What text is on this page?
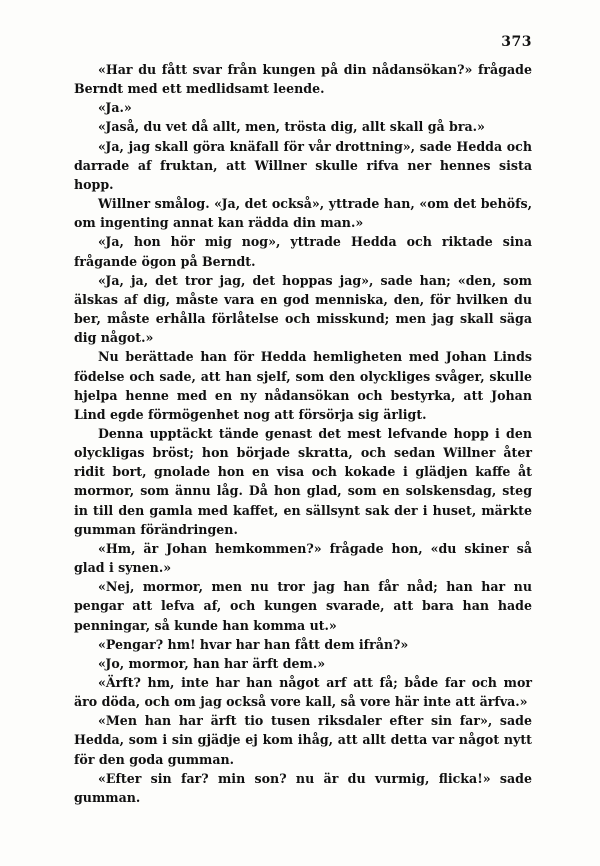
373

«Har du fått svar från kungen på din nådansökan?» frågade Berndt med ett medlidsamt leende.

«Ja.»

«Jaså, du vet då allt, men, trösta dig, allt skall gå bra.»

«Ja, jag skall göra knäfall för vår drottning», sade Hedda och darrade af fruktan, att Willner skulle rifva ner hennes sista hopp.

Willner smålog. «Ja, det också», yttrade han, «om det behöfs, om ingenting annat kan rädda din man.»

«Ja, hon hör mig nog», yttrade Hedda och riktade sina frågande ögon på Berndt.

«Ja, ja, det tror jag, det hoppas jag», sade han; «den, som älskas af dig, måste vara en god menniska, den, för hvilken du ber, måste erhålla förlåtelse och misskund; men jag skall säga dig något.»

Nu berättade han för Hedda hemligheten med Johan Linds födelse och sade, att han sjelf, som den olyckliges svåger, skulle hjelpa henne med en ny nådansökan och bestyrka, att Johan Lind egde förmögenhet nog att försörja sig ärligt.

Denna upptäckt tände genast det mest lefvande hopp i den olyckligas bröst; hon började skratta, och sedan Willner åter ridit bort, gnolade hon en visa och kokade i glädjen kaffe åt mormor, som ännu låg. Då hon glad, som en solskensdag, steg in till den gamla med kaffet, en sällsynt sak der i huset, märkte gumman förändringen.

«Hm, är Johan hemkommen?» frågade hon, «du skiner så glad i synen.»

«Nej, mormor, men nu tror jag han får nåd; han har nu pengar att lefva af, och kungen svarade, att bara han hade penningar, så kunde han komma ut.»

«Pengar? hm! hvar har han fått dem ifrån?»

«Jo, mormor, han har ärft dem.»

«Ärft? hm, inte har han något arf att få; både far och mor äro döda, och om jag också vore kall, så vore här inte att ärfva.»

«Men han har ärft tio tusen riksdaler efter sin far», sade Hedda, som i sin gjädje ej kom ihåg, att allt detta var något nytt för den goda gumman.

«Efter sin far? min son? nu är du vurmig, flicka!» sade gumman.
